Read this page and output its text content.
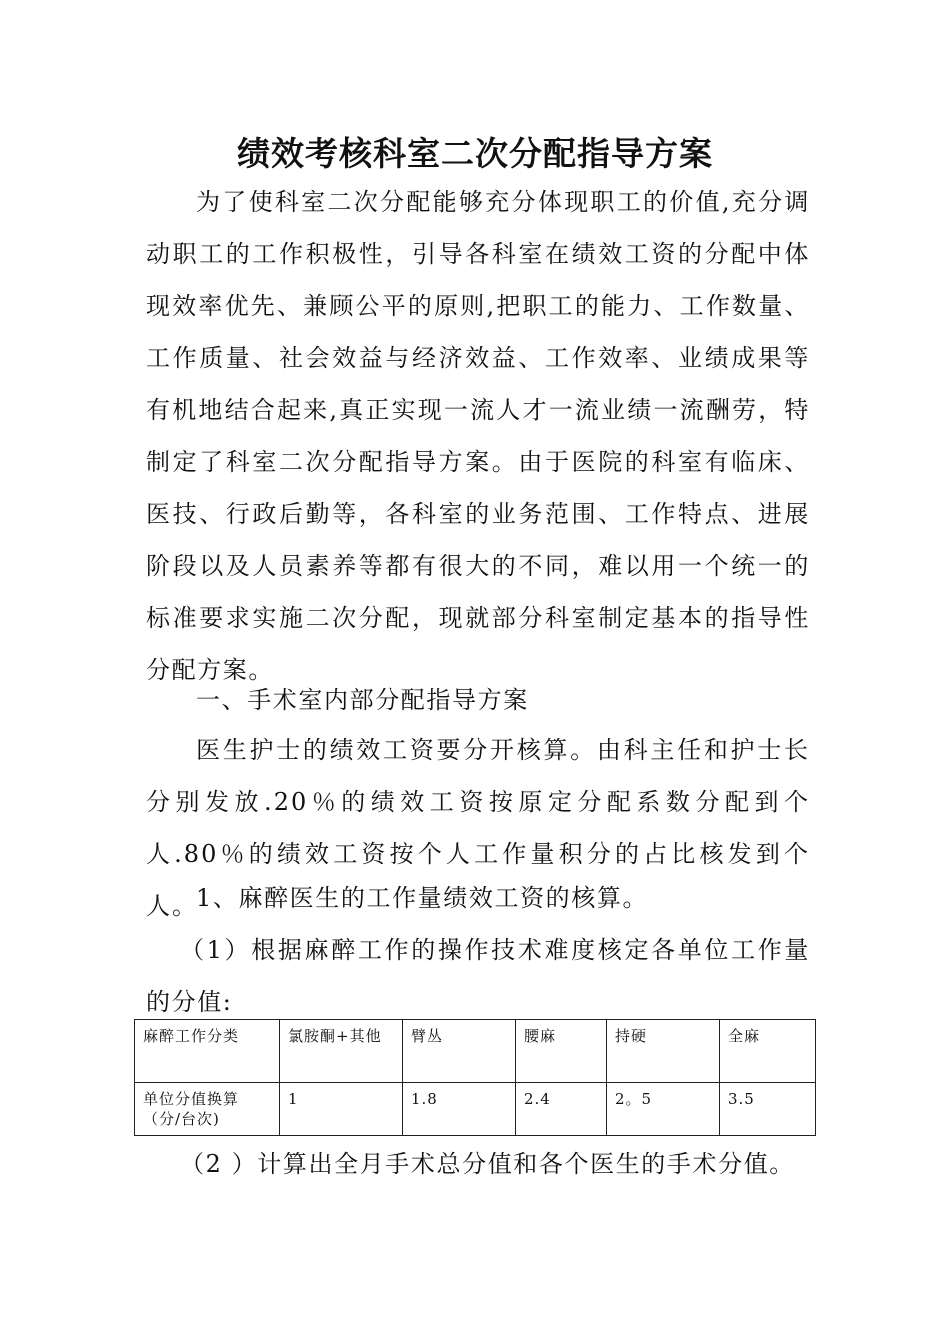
绩效考核科室二次分配指导方案

为了使科室二次分配能够充分体现职工的价值,充分调动职工的工作积极性，引导各科室在绩效工资的分配中体现效率优先、兼顾公平的原则,把职工的能力、工作数量、工作质量、社会效益与经济效益、工作效率、业绩成果等有机地结合起来,真正实现一流人才一流业绩一流酬劳，特制定了科室二次分配指导方案。由于医院的科室有临床、医技、行政后勤等，各科室的业务范围、工作特点、进展阶段以及人员素养等都有很大的不同，难以用一个统一的标准要求实施二次分配，现就部分科室制定基本的指导性分配方案。

一、手术室内部分配指导方案

医生护士的绩效工资要分开核算。由科主任和护士长分别发放.20％的绩效工资按原定分配系数分配到个人.80％的绩效工资按个人工作量积分的占比核发到个人。

1、麻醉医生的工作量绩效工资的核算。

（1）根据麻醉工作的操作技术难度核定各单位工作量的分值:

麻醉工作分类	氯胺酮+其他	臂丛	腰麻	持硬	全麻
单位分值换算（分/台次)	1	1.8	2.4	2。5	3.5

（2 ）计算出全月手术总分值和各个医生的手术分值。
